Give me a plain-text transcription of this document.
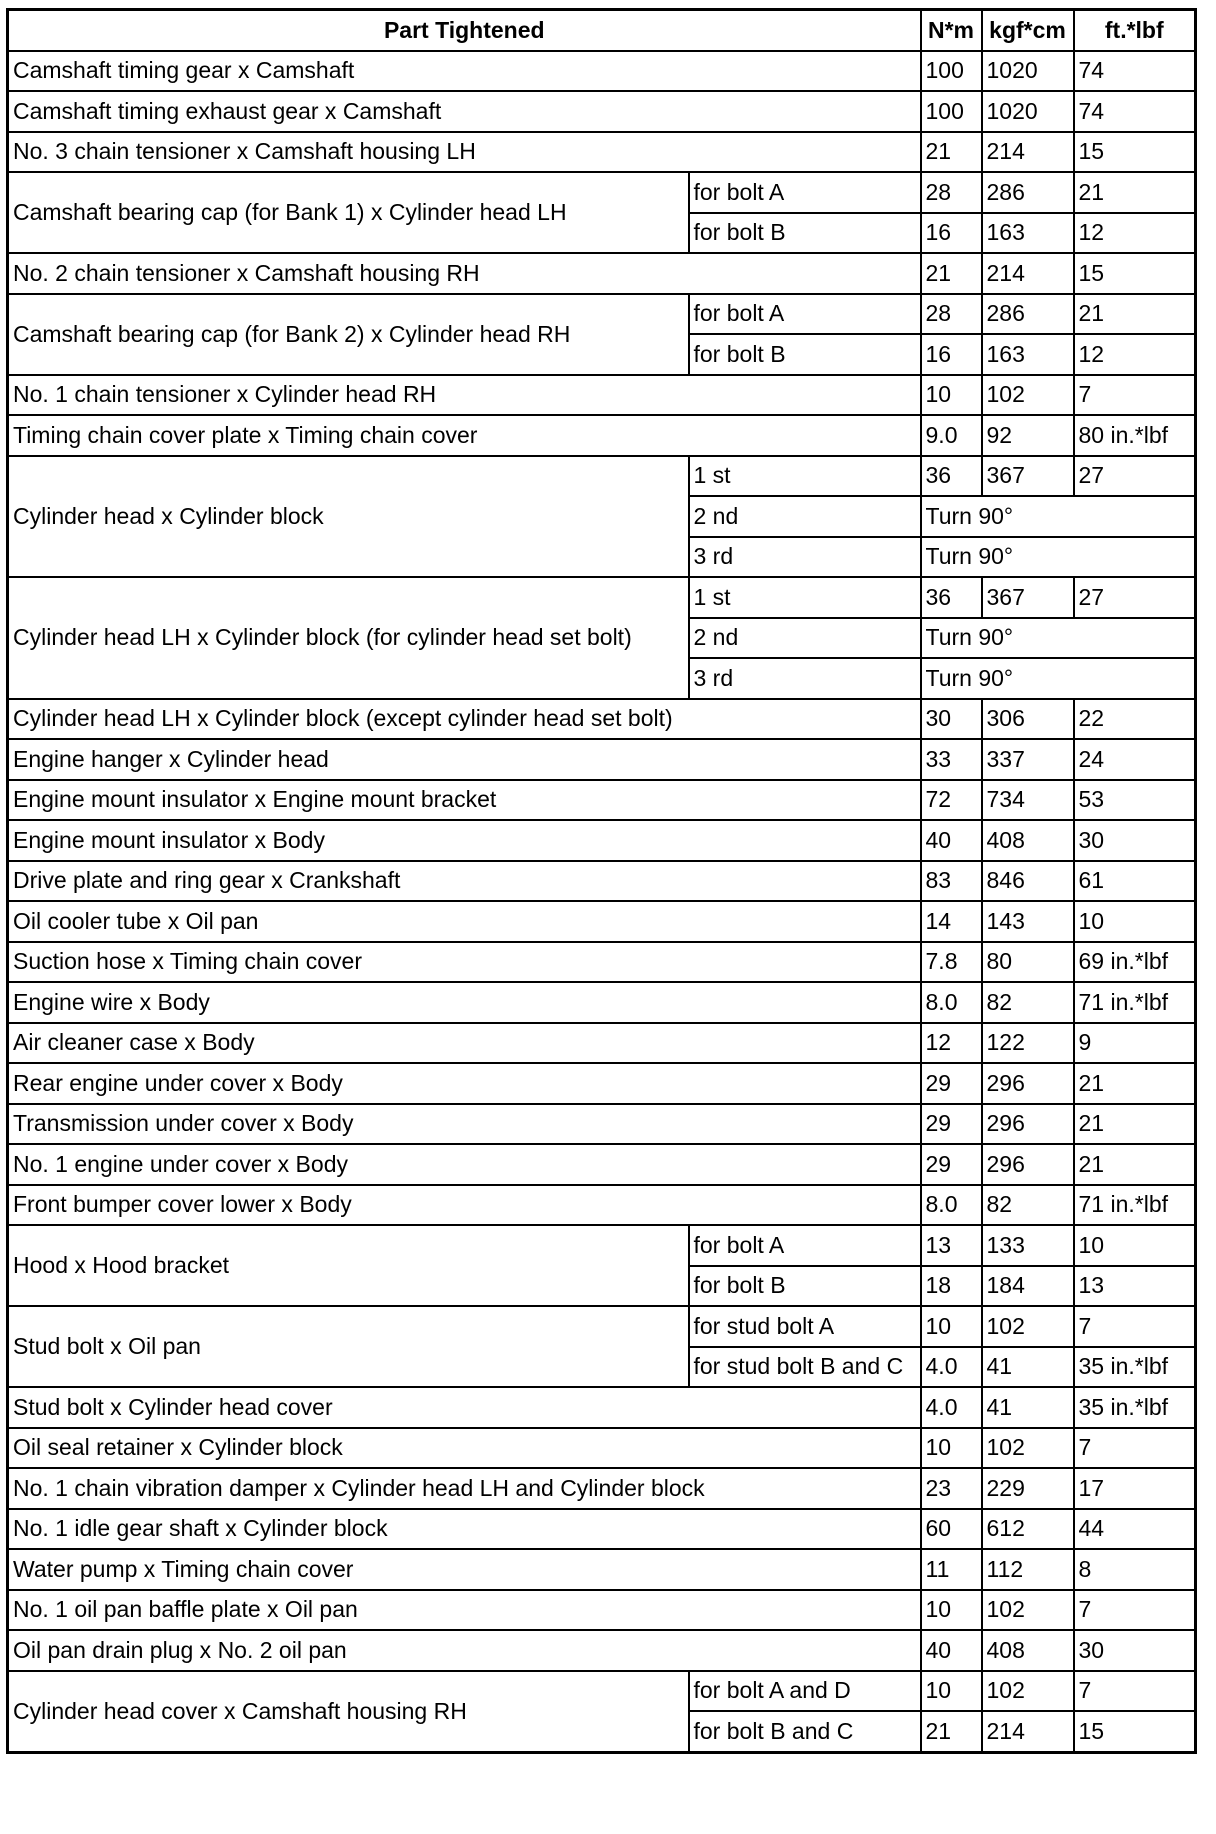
Part Tightened		N*m	kgf*cm	ft.*lbf
Camshaft timing gear x Camshaft		100	1020	74
Camshaft timing exhaust gear x Camshaft		100	1020	74
No. 3 chain tensioner x Camshaft housing LH		21	214	15
Camshaft bearing cap (for Bank 1) x Cylinder head LH	for bolt A	28	286	21
	for bolt B	16	163	12
No. 2 chain tensioner x Camshaft housing RH		21	214	15
Camshaft bearing cap (for Bank 2) x Cylinder head RH	for bolt A	28	286	21
	for bolt B	16	163	12
No. 1 chain tensioner x Cylinder head RH		10	102	7
Timing chain cover plate x Timing chain cover		9.0	92	80 in.*lbf
Cylinder head x Cylinder block	1 st	36	367	27
	2 nd	Turn 90°		
	3 rd	Turn 90°		
Cylinder head LH x Cylinder block (for cylinder head set bolt)	1 st	36	367	27
	2 nd	Turn 90°		
	3 rd	Turn 90°		
Cylinder head LH x Cylinder block (except cylinder head set bolt)		30	306	22
Engine hanger x Cylinder head		33	337	24
Engine mount insulator x Engine mount bracket		72	734	53
Engine mount insulator x Body		40	408	30
Drive plate and ring gear x Crankshaft		83	846	61
Oil cooler tube x Oil pan		14	143	10
Suction hose x Timing chain cover		7.8	80	69 in.*lbf
Engine wire x Body		8.0	82	71 in.*lbf
Air cleaner case x Body		12	122	9
Rear engine under cover x Body		29	296	21
Transmission under cover x Body		29	296	21
No. 1 engine under cover x Body		29	296	21
Front bumper cover lower x Body		8.0	82	71 in.*lbf
Hood x Hood bracket	for bolt A	13	133	10
	for bolt B	18	184	13
Stud bolt x Oil pan	for stud bolt A	10	102	7
	for stud bolt B and C	4.0	41	35 in.*lbf
Stud bolt x Cylinder head cover		4.0	41	35 in.*lbf
Oil seal retainer x Cylinder block		10	102	7
No. 1 chain vibration damper x Cylinder head LH and Cylinder block		23	229	17
No. 1 idle gear shaft x Cylinder block		60	612	44
Water pump x Timing chain cover		11	112	8
No. 1 oil pan baffle plate x Oil pan		10	102	7
Oil pan drain plug x No. 2 oil pan		40	408	30
Cylinder head cover x Camshaft housing RH	for bolt A and D	10	102	7
	for bolt B and C	21	214	15
